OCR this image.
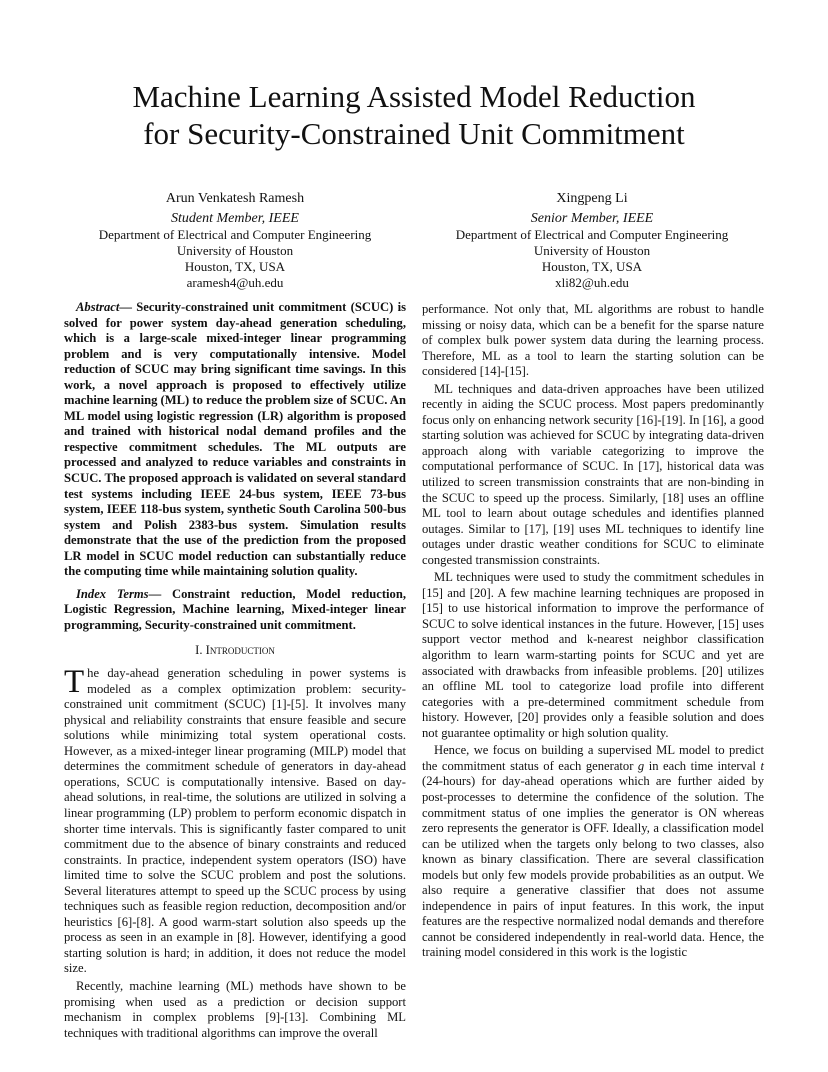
Machine Learning Assisted Model Reduction
for Security-Constrained Unit Commitment
Arun Venkatesh Ramesh
Student Member, IEEE
Department of Electrical and Computer Engineering
University of Houston
Houston, TX, USA
aramesh4@uh.edu
Xingpeng Li
Senior Member, IEEE
Department of Electrical and Computer Engineering
University of Houston
Houston, TX, USA
xli82@uh.edu

Abstract— Security-constrained unit commitment (SCUC) is solved for power system day-ahead generation scheduling, which is a large-scale mixed-integer linear programming problem and is very computationally intensive. Model reduction of SCUC may bring significant time savings. In this work, a novel approach is proposed to effectively utilize machine learning (ML) to reduce the problem size of SCUC. An ML model using logistic regression (LR) algorithm is proposed and trained with historical nodal demand profiles and the respective commitment schedules. The ML outputs are processed and analyzed to reduce variables and constraints in SCUC. The proposed approach is validated on several standard test systems including IEEE 24-bus system, IEEE 73-bus system, IEEE 118-bus system, synthetic South Carolina 500-bus system and Polish 2383-bus system. Simulation results demonstrate that the use of the prediction from the proposed LR model in SCUC model reduction can substantially reduce the computing time while maintaining solution quality.

Index Terms— Constraint reduction, Model reduction, Logistic Regression, Machine learning, Mixed-integer linear programming, Security-constrained unit commitment.

I. Introduction

The day-ahead generation scheduling in power systems is modeled as a complex optimization problem: security-constrained unit commitment (SCUC) [1]-[5]. It involves many physical and reliability constraints that ensure feasible and secure solutions while minimizing total system operational costs. However, as a mixed-integer linear programing (MILP) model that determines the commitment schedule of generators in day-ahead operations, SCUC is computationally intensive. Based on day-ahead solutions, in real-time, the solutions are utilized in solving a linear programming (LP) problem to perform economic dispatch in shorter time intervals. This is significantly faster compared to unit commitment due to the absence of binary constraints and reduced constraints. In practice, independent system operators (ISO) have limited time to solve the SCUC problem and post the solutions. Several literatures attempt to speed up the SCUC process by using techniques such as feasible region reduction, decomposition and/or heuristics [6]-[8]. A good warm-start solution also speeds up the process as seen in an example in [8]. However, identifying a good starting solution is hard; in addition, it does not reduce the model size.

Recently, machine learning (ML) methods have shown to be promising when used as a prediction or decision support mechanism in complex problems [9]-[13]. Combining ML techniques with traditional algorithms can improve the overall

performance. Not only that, ML algorithms are robust to handle missing or noisy data, which can be a benefit for the sparse nature of complex bulk power system data during the learning process. Therefore, ML as a tool to learn the starting solution can be considered [14]-[15].

ML techniques and data-driven approaches have been utilized recently in aiding the SCUC process. Most papers predominantly focus only on enhancing network security [16]-[19]. In [16], a good starting solution was achieved for SCUC by integrating data-driven approach along with variable categorizing to improve the computational performance of SCUC. In [17], historical data was utilized to screen transmission constraints that are non-binding in the SCUC to speed up the process. Similarly, [18] uses an offline ML tool to learn about outage schedules and identifies planned outages. Similar to [17], [19] uses ML techniques to identify line outages under drastic weather conditions for SCUC to eliminate congested transmission constraints.

ML techniques were used to study the commitment schedules in [15] and [20]. A few machine learning techniques are proposed in [15] to use historical information to improve the performance of SCUC to solve identical instances in the future. However, [15] uses support vector method and k-nearest neighbor classification algorithm to learn warm-starting points for SCUC and yet are associated with drawbacks from infeasible problems. [20] utilizes an offline ML tool to categorize load profile into different categories with a pre-determined commitment schedule from history. However, [20] provides only a feasible solution and does not guarantee optimality or high solution quality.

Hence, we focus on building a supervised ML model to predict the commitment status of each generator g in each time interval t (24-hours) for day-ahead operations which are further aided by post-processes to determine the confidence of the solution. The commitment status of one implies the generator is ON whereas zero represents the generator is OFF. Ideally, a classification model can be utilized when the targets only belong to two classes, also known as binary classification. There are several classification models but only few models provide probabilities as an output. We also require a generative classifier that does not assume independence in pairs of input features. In this work, the input features are the respective normalized nodal demands and therefore cannot be considered independently in real-world data. Hence, the training model considered in this work is the logistic
